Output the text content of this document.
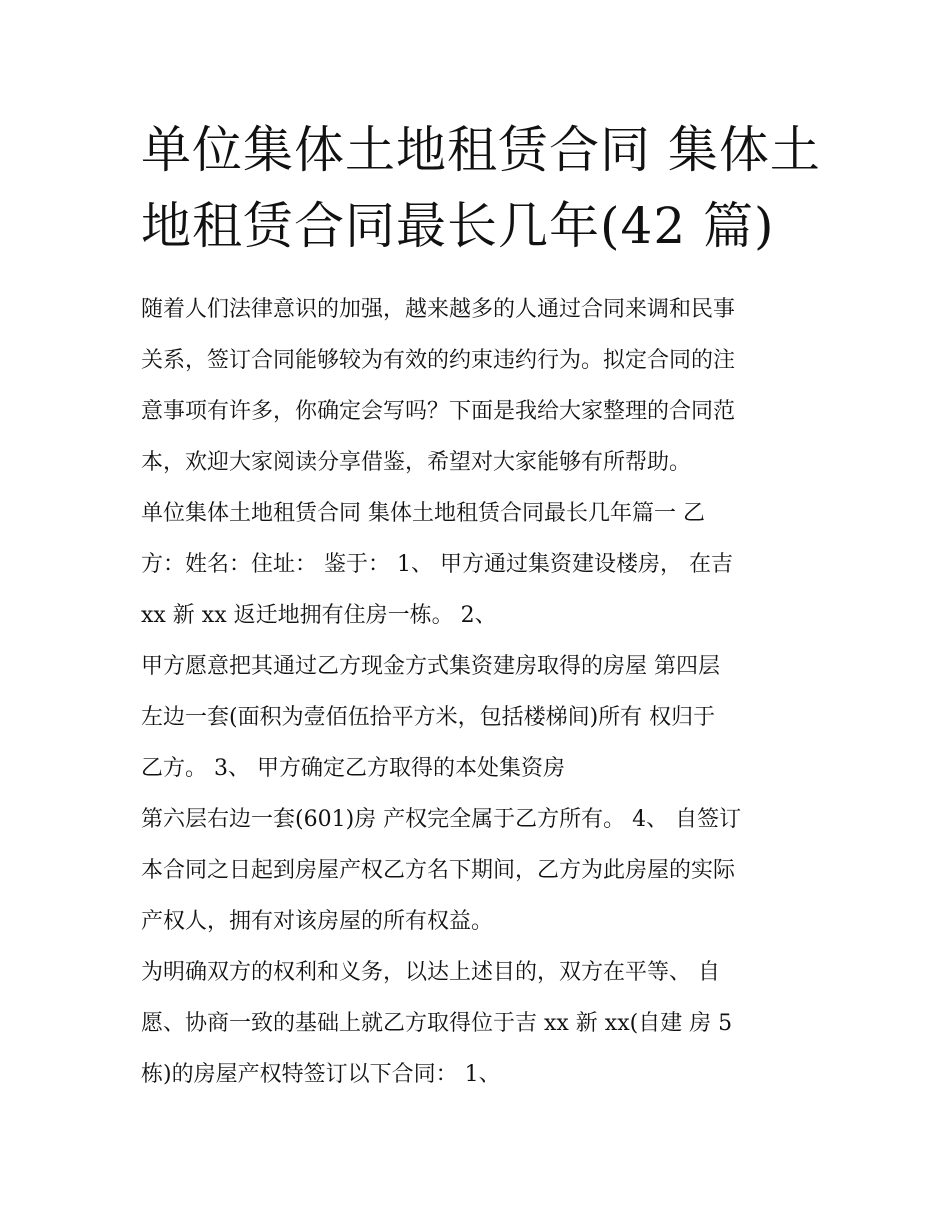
单位集体土地租赁合同 集体土
地租赁合同最长几年(42 篇)

随着人们法律意识的加强，越来越多的人通过合同来调和民事
关系，签订合同能够较为有效的约束违约行为。拟定合同的注
意事项有许多，你确定会写吗？下面是我给大家整理的合同范
本，欢迎大家阅读分享借鉴，希望对大家能够有所帮助。

单位集体土地租赁合同 集体土地租赁合同最长几年篇一 乙
方：姓名：住址： 鉴于： 1、 甲方通过集资建设楼房， 在吉
xx 新 xx 返迁地拥有住房一栋。 2、

甲方愿意把其通过乙方现金方式集资建房取得的房屋 第四层
左边一套(面积为壹佰伍拾平方米，包括楼梯间)所有 权归于
乙方。 3、 甲方确定乙方取得的本处集资房

第六层右边一套(601)房 产权完全属于乙方所有。 4、 自签订
本合同之日起到房屋产权乙方名下期间，乙方为此房屋的实际
产权人，拥有对该房屋的所有权益。

为明确双方的权利和义务，以达上述目的，双方在平等、 自
愿、协商一致的基础上就乙方取得位于吉 xx 新 xx(自建 房 5
栋)的房屋产权特签订以下合同： 1、
